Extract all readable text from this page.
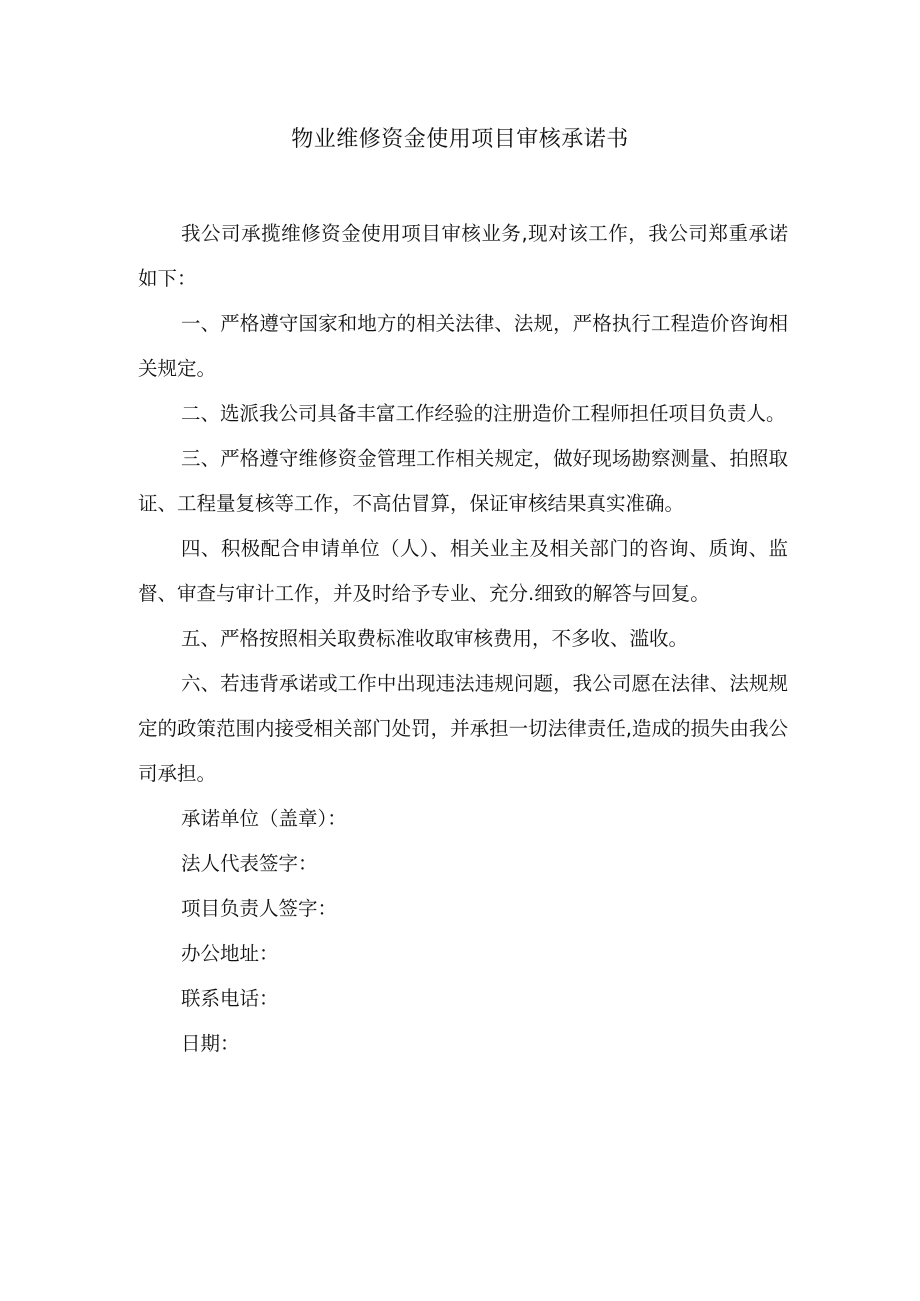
物业维修资金使用项目审核承诺书

我公司承揽维修资金使用项目审核业务,现对该工作，我公司郑重承诺如下：

一、严格遵守国家和地方的相关法律、法规，严格执行工程造价咨询相关规定。

二、选派我公司具备丰富工作经验的注册造价工程师担任项目负责人。

三、严格遵守维修资金管理工作相关规定，做好现场勘察测量、拍照取证、工程量复核等工作，不高估冒算，保证审核结果真实准确。

四、积极配合申请单位（人）、相关业主及相关部门的咨询、质询、监督、审查与审计工作，并及时给予专业、充分.细致的解答与回复。

五、严格按照相关取费标准收取审核费用，不多收、滥收。

六、若违背承诺或工作中出现违法违规问题，我公司愿在法律、法规规定的政策范围内接受相关部门处罚，并承担一切法律责任,造成的损失由我公司承担。

承诺单位（盖章）：

法人代表签字：

项目负责人签字：

办公地址：

联系电话：

日期：
